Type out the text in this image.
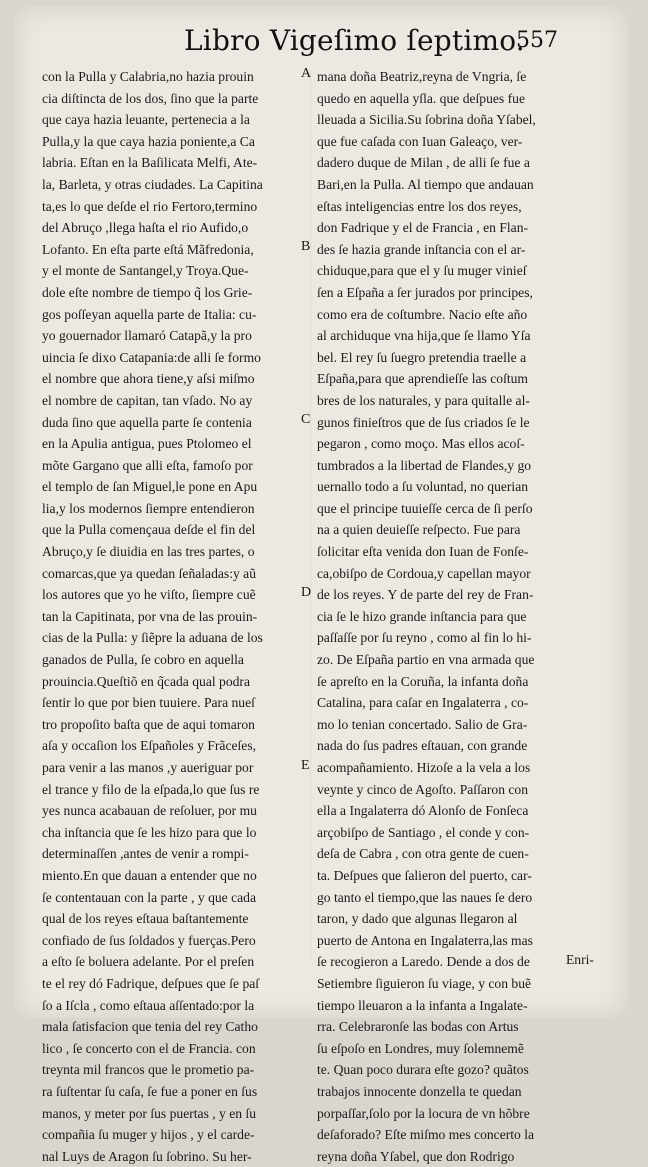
Libro Vigeſimo ſeptimo.
557
con la Pulla y Calabria,no hazia prouin
cia diſtincta de los dos, ſino que la parte
que caya hazia leuante, pertenecia a la
Pulla,y la que caya hazia poniente,a Ca
labria. Eſtan en la Baſilicata Melfi, Ate-
la, Barleta, y otras ciudades. La Capitina
ta,es lo que deſde el rio Fertoro,termino
del Abruço ,llega haſta el rio Aufido,o
Lofanto. En eſta parte eſtá Mãfredonia,
y el monte de Santangel,y Troya.Que-
dole eſte nombre de tiempo q̃ los Grie-
gos poſſeyan aquella parte de Italia: cu-
yo gouernador llamaró Catapã,y la pro
uincia ſe dixo Catapania:de alli ſe formo
el nombre que ahora tiene,y aſsi miſmo
el nombre de capitan, tan vſado. No ay
duda ſino que aquella parte ſe contenia
en la Apulia antigua, pues Ptolomeo el
mõte Gargano que alli eſta, famoſo por
el templo de ſan Miguel,le pone en Apu
lia,y los modernos ſiempre entendieron
que la Pulla començaua deſde el fin del
Abruço,y ſe diuidia en las tres partes, o
comarcas,que ya quedan ſeñaladas:y aũ
los autores que yo he viſto, ſiempre cuẽ
tan la Capitinata, por vna de las prouin-
cias de la Pulla: y ſiẽpre la aduana de los
ganados de Pulla, ſe cobro en aquella
prouincia.Queſtiõ en q̃cada qual podra
ſentir lo que por bien tuuiere. Para nueſ
tro propoſito baſta que de aqui tomaron
aſa y occaſion los Eſpañoles y Frãceſes,
para venir a las manos ,y aueriguar por
el trance y filo de la eſpada,lo que ſus re
yes nunca acabauan de reſoluer, por mu
cha inſtancia que ſe les hizo para que lo
determinaſſen ,antes de venir a rompi-
miento.En que dauan a entender que no
ſe contentauan con la parte , y que cada
qual de los reyes eſtaua baſtantemente
confiado de ſus ſoldados y fuerças.Pero
a eſto ſe boluera adelante. Por el preſen
te el rey dó Fadrique, deſpues que ſe paſ
ſo a Iſcla , como eſtaua aſſentado:por la
mala ſatisfacion que tenia del rey Catho
lico , ſe concerto con el de Francia. con
treynta mil francos que le prometio pa-
ra ſuſtentar ſu caſa, ſe fue a poner en ſus
manos, y meter por ſus puertas , y en ſu
compañia ſu muger y hijos , y el carde-
nal Luys de Aragon ſu ſobrino. Su her-
mana doña Beatriz,reyna de Vngria, ſe
quedo en aquella yſla. que deſpues fue
lleuada a Sicilia.Su ſobrina doña Yſabel,
que fue caſada con Iuan Galeaço, ver-
dadero duque de Milan , de alli ſe fue a
Bari,en la Pulla. Al tiempo que andauan
eſtas inteligencias entre los dos reyes,
don Fadrique y el de Francia , en Flan-
des ſe hazia grande inſtancia con el ar-
chiduque,para que el y ſu muger vinieſ
ſen a Eſpaña a ſer jurados por principes,
como era de coſtumbre. Nacio eſte año
al archiduque vna hija,que ſe llamo Yſa
bel. El rey ſu ſuegro pretendia traelle a
Eſpaña,para que aprendieſſe las coſtum
bres de los naturales, y para quitalle al-
gunos finieſtros que de ſus criados ſe le
pegaron , como moço. Mas ellos acoſ-
tumbrados a la libertad de Flandes,y go
uernallo todo a ſu voluntad, no querian
que el principe tuuieſſe cerca de ſi perſo
na a quien deuieſſe reſpecto. Fue para
ſolicitar eſta venida don Iuan de Fonſe-
ca,obiſpo de Cordoua,y capellan mayor
de los reyes. Y de parte del rey de Fran-
cia ſe le hizo grande inſtancia para que
paſſaſſe por ſu reyno , como al fin lo hi-
zo. De Eſpaña partio en vna armada que
ſe apreſto en la Coruña, la infanta doña
Catalina, para caſar en Ingalaterra , co-
mo lo tenian concertado. Salio de Gra-
nada do ſus padres eſtauan, con grande
acompañamiento. Hizoſe a la vela a los
veynte y cinco de Agoſto. Paſſaron con
ella a Ingalaterra dó Alonſo de Fonſeca
arçobiſpo de Santiago , el conde y con-
deſa de Cabra , con otra gente de cuen-
ta. Deſpues que ſalieron del puerto, car-
go tanto el tiempo,que las naues ſe dero
taron, y dado que algunas llegaron al
puerto de Antona en Ingalaterra,las mas
ſe recogieron a Laredo. Dende a dos de
Setiembre ſiguieron ſu viage, y con buẽ
tiempo lleuaron a la infanta a Ingalate-
rra. Celebraronſe las bodas con Artus
ſu eſpoſo en Londres, muy ſolemnemẽ
te. Quan poco durara eſte gozo? quãtos
trabajos innocente donzella te quedan
porpaſſar,ſolo por la locura de vn hõbre
deſaforado? Eſte miſmo mes concerto la
reyna doña Yſabel, que don Rodrigo
A
B
C
D
E
Enri-
